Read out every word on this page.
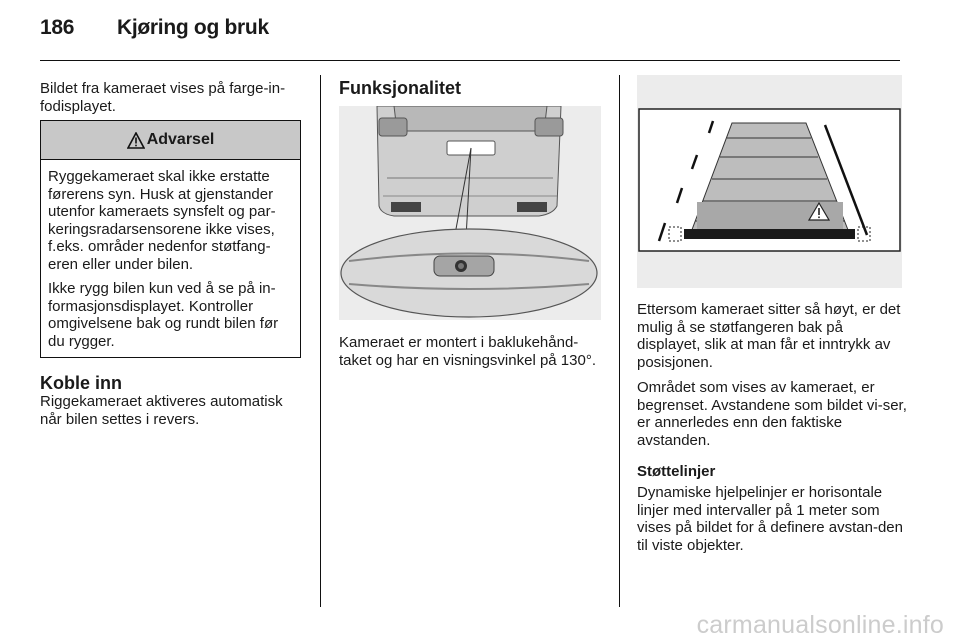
186 Kjøring og bruk

Bildet fra kameraet vises på farge-in-fodisplayet.

Advarsel

Ryggekameraet skal ikke erstatte førerens syn. Husk at gjenstander utenfor kameraets synsfelt og par-keringsradarsensorene ikke vises, f.eks. områder nedenfor støtfang-eren eller under bilen.

Ikke rygg bilen kun ved å se på in-formasjonsdisplayet. Kontroller omgivelsene bak og rundt bilen før du rygger.

Koble inn

Riggekameraet aktiveres automatisk når bilen settes i revers.

Funksjonalitet

Kameraet er montert i baklukehånd-taket og har en visningsvinkel på 130°.

Ettersom kameraet sitter så høyt, er det mulig å se støtfangeren bak på displayet, slik at man får et inntrykk av posisjonen.

Området som vises av kameraet, er begrenset. Avstandene som bildet vi-ser, er annerledes enn den faktiske avstanden.

Støttelinjer

Dynamiske hjelpelinjer er horisontale linjer med intervaller på 1 meter som vises på bildet for å definere avstan-den til viste objekter.

carmanualsonline.info
